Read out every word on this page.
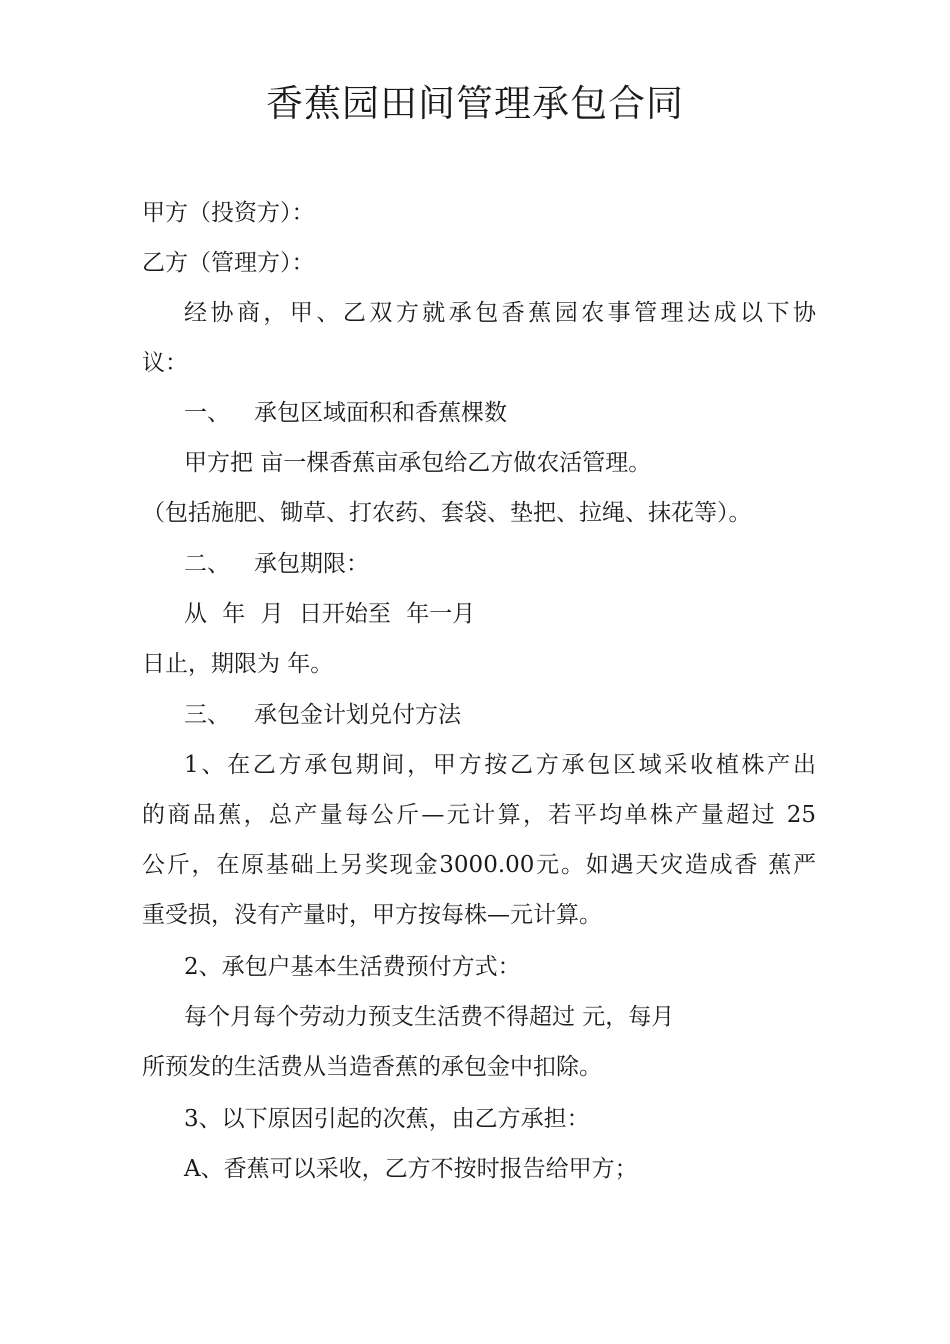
香蕉园田间管理承包合同
甲方（投资方）：
乙方（管理方）：
经协商，甲、乙双方就承包香蕉园农事管理达成以下协
议：
一、 承包区域面积和香蕉棵数
甲方把 亩一棵香蕉亩承包给乙方做农活管理。
（包括施肥、锄草、打农药、套袋、垫把、拉绳、抹花等）。
二、 承包期限：
从 年 月 日开始至 年一月
日止，期限为 年。
三、 承包金计划兑付方法
1、在乙方承包期间，甲方按乙方承包区域采收植株产出
的商品蕉，总产量每公斤—元计算，若平均单株产量超过 25
公斤，在原基础上另奖现金3000.00元。如遇天灾造成香 蕉严
重受损，没有产量时，甲方按每株—元计算。
2、承包户基本生活费预付方式：
每个月每个劳动力预支生活费不得超过 元，每月
所预发的生活费从当造香蕉的承包金中扣除。
3、以下原因引起的次蕉，由乙方承担：
A、香蕉可以采收，乙方不按时报告给甲方；
